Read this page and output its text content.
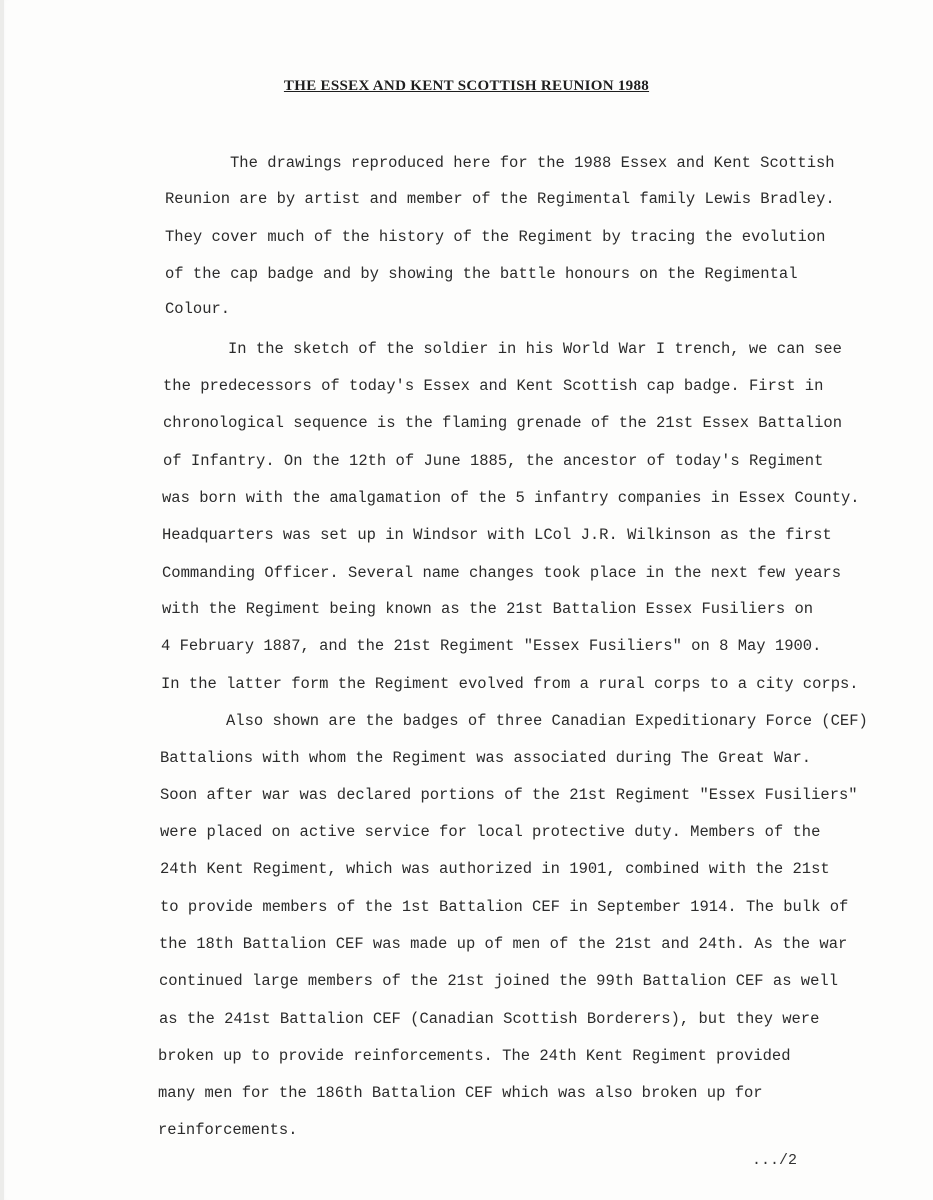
THE ESSEX AND KENT SCOTTISH REUNION 1988
The drawings reproduced here for the 1988 Essex and Kent Scottish
Reunion are by artist and member of the Regimental family Lewis Bradley.
They cover much of the history of the Regiment by tracing the evolution
of the cap badge and by showing the battle honours on the Regimental
Colour.
In the sketch of the soldier in his World War I trench, we can see
the predecessors of today's Essex and Kent Scottish cap badge. First in
chronological sequence is the flaming grenade of the 21st Essex Battalion
of Infantry. On the 12th of June 1885, the ancestor of today's Regiment
was born with the amalgamation of the 5 infantry companies in Essex County.
Headquarters was set up in Windsor with LCol J.R. Wilkinson as the first
Commanding Officer. Several name changes took place in the next few years
with the Regiment being known as the 21st Battalion Essex Fusiliers on
4 February 1887, and the 21st Regiment "Essex Fusiliers" on 8 May 1900.
In the latter form the Regiment evolved from a rural corps to a city corps.
Also shown are the badges of three Canadian Expeditionary Force (CEF)
Battalions with whom the Regiment was associated during The Great War.
Soon after war was declared portions of the 21st Regiment "Essex Fusiliers"
were placed on active service for local protective duty. Members of the
24th Kent Regiment, which was authorized in 1901, combined with the 21st
to provide members of the 1st Battalion CEF in September 1914. The bulk of
the 18th Battalion CEF was made up of men of the 21st and 24th. As the war
continued large members of the 21st joined the 99th Battalion CEF as well
as the 241st Battalion CEF (Canadian Scottish Borderers), but they were
broken up to provide reinforcements. The 24th Kent Regiment provided
many men for the 186th Battalion CEF which was also broken up for
reinforcements.
.../2
